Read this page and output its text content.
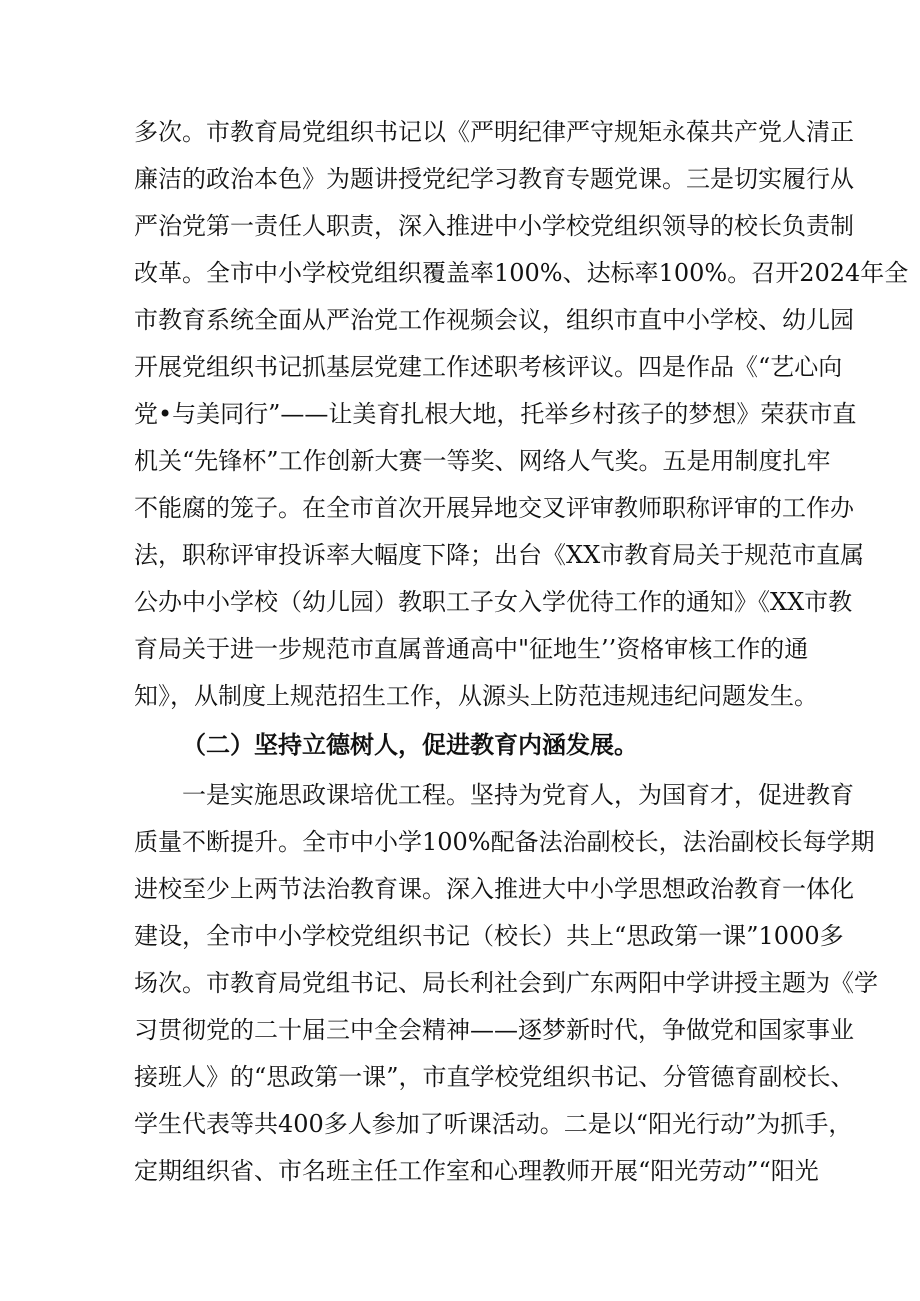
多次。市教育局党组织书记以《严明纪律严守规矩永葆共产党人清正
廉洁的政治本色》为题讲授党纪学习教育专题党课。三是切实履行从
严治党第一责任人职责，深入推进中小学校党组织领导的校长负责制
改革。全市中小学校党组织覆盖率100%、达标率100%。召开2024年全
市教育系统全面从严治党工作视频会议，组织市直中小学校、幼儿园
开展党组织书记抓基层党建工作述职考核评议。四是作品《“艺心向
党•与美同行”——让美育扎根大地，托举乡村孩子的梦想》荣获市直
机关“先锋杯”工作创新大赛一等奖、网络人气奖。五是用制度扎牢
不能腐的笼子。在全市首次开展异地交叉评审教师职称评审的工作办
法，职称评审投诉率大幅度下降；出台《XX市教育局关于规范市直属
公办中小学校（幼儿园）教职工子女入学优待工作的通知》《XX市教
育局关于进一步规范市直属普通高中"征地生’’资格审核工作的通
知》，从制度上规范招生工作，从源头上防范违规违纪问题发生。
（二）坚持立德树人，促进教育内涵发展。
一是实施思政课培优工程。坚持为党育人，为国育才，促进教育
质量不断提升。全市中小学100%配备法治副校长，法治副校长每学期
进校至少上两节法治教育课。深入推进大中小学思想政治教育一体化
建设，全市中小学校党组织书记（校长）共上“思政第一课”1000多
场次。市教育局党组书记、局长利社会到广东两阳中学讲授主题为《学
习贯彻党的二十届三中全会精神——逐梦新时代，争做党和国家事业
接班人》的“思政第一课”，市直学校党组织书记、分管德育副校长、
学生代表等共400多人参加了听课活动。二是以“阳光行动”为抓手，
定期组织省、市名班主任工作室和心理教师开展“阳光劳动”“阳光
